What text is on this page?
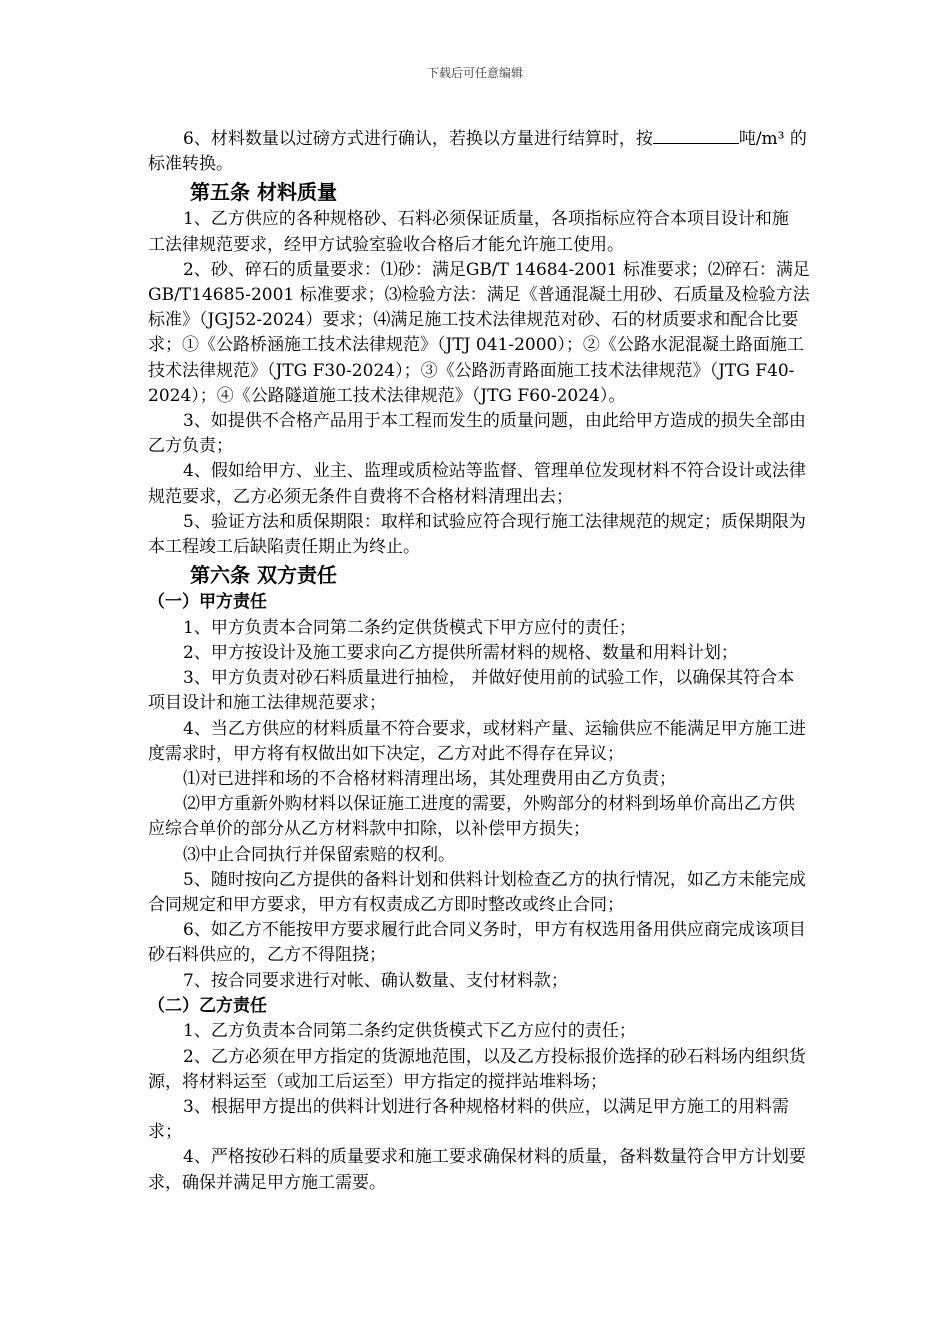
下载后可任意编辑

6、材料数量以过磅方式进行确认，若换以方量进行结算时，按	吨/m³ 的标准转换。

第五条 材料质量

1、乙方供应的各种规格砂、石料必须保证质量，各项指标应符合本项目设计和施

工法律规范要求，经甲方试验室验收合格后才能允许施工使用。

2、砂、碎石的质量要求：⑴砂：满足GB/T 14684-2001 标准要求；⑵碎石：满足GB/T14685-2001 标准要求；⑶检验方法：满足《普通混凝土用砂、石质量及检验方法标准》（JGJ52-2024）要求；⑷满足施工技术法律规范对砂、石的材质要求和配合比要求；①《公路桥涵施工技术法律规范》（JTJ 041-2000）；②《公路水泥混凝土路面施工技术法律规范》（JTG F30-2024）；③《公路沥青路面施工技术法律规范》（JTG F40-2024）；④《公路隧道施工技术法律规范》（JTG F60-2024）。

3、如提供不合格产品用于本工程而发生的质量问题，由此给甲方造成的损失全部由乙方负责；

4、假如给甲方、业主、监理或质检站等监督、管理单位发现材料不符合设计或法律规范要求，乙方必须无条件自费将不合格材料清理出去；

5、验证方法和质保期限：取样和试验应符合现行施工法律规范的规定；质保期限为本工程竣工后缺陷责任期止为终止。

第六条 双方责任
（一）甲方责任

1、甲方负责本合同第二条约定供货模式下甲方应付的责任；

2、甲方按设计及施工要求向乙方提供所需材料的规格、数量和用料计划；

3、甲方负责对砂石料质量进行抽检， 并做好使用前的试验工作，以确保其符合本项目设计和施工法律规范要求；

4、当乙方供应的材料质量不符合要求，或材料产量、运输供应不能满足甲方施工进度需求时，甲方将有权做出如下决定，乙方对此不得存在异议；

⑴对已进拌和场的不合格材料清理出场，其处理费用由乙方负责；

⑵甲方重新外购材料以保证施工进度的需要，外购部分的材料到场单价高出乙方供应综合单价的部分从乙方材料款中扣除，以补偿甲方损失；

⑶中止合同执行并保留索赔的权利。

5、随时按向乙方提供的备料计划和供料计划检查乙方的执行情况，如乙方未能完成合同规定和甲方要求，甲方有权责成乙方即时整改或终止合同；

6、如乙方不能按甲方要求履行此合同义务时，甲方有权选用备用供应商完成该项目砂石料供应的，乙方不得阻挠；

7、按合同要求进行对帐、确认数量、支付材料款；

（二）乙方责任

1、乙方负责本合同第二条约定供货模式下乙方应付的责任；

2、乙方必须在甲方指定的货源地范围，以及乙方投标报价选择的砂石料场内组织货源，将材料运至（或加工后运至）甲方指定的搅拌站堆料场；

3、根据甲方提出的供料计划进行各种规格材料的供应，以满足甲方施工的用料需求；

4、严格按砂石料的质量要求和施工要求确保材料的质量，备料数量符合甲方计划要求，确保并满足甲方施工需要。
